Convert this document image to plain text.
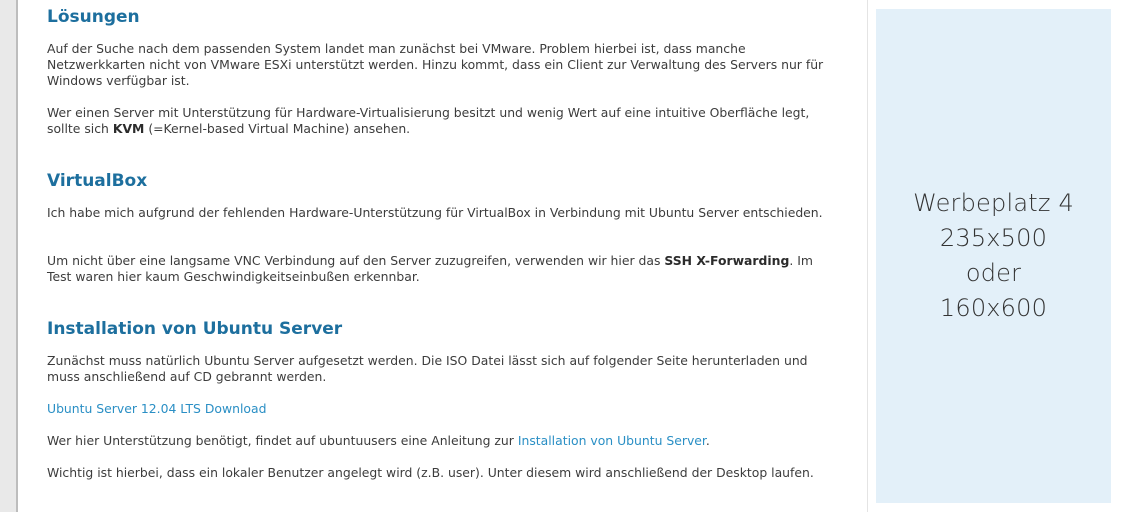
Lösungen

Auf der Suche nach dem passenden System landet man zunächst bei VMware. Problem hierbei ist, dass manche Netzwerkkarten nicht von VMware ESXi unterstützt werden. Hinzu kommt, dass ein Client zur Verwaltung des Servers nur für Windows verfügbar ist.

Wer einen Server mit Unterstützung für Hardware-Virtualisierung besitzt und wenig Wert auf eine intuitive Oberfläche legt, sollte sich KVM (=Kernel-based Virtual Machine) ansehen.

VirtualBox

Ich habe mich aufgrund der fehlenden Hardware-Unterstützung für VirtualBox in Verbindung mit Ubuntu Server entschieden.

Um nicht über eine langsame VNC Verbindung auf den Server zuzugreifen, verwenden wir hier das SSH X-Forwarding. Im Test waren hier kaum Geschwindigkeitseinbußen erkennbar.

Installation von Ubuntu Server

Zunächst muss natürlich Ubuntu Server aufgesetzt werden. Die ISO Datei lässt sich auf folgender Seite herunterladen und muss anschließend auf CD gebrannt werden.

Ubuntu Server 12.04 LTS Download

Wer hier Unterstützung benötigt, findet auf ubuntuusers eine Anleitung zur Installation von Ubuntu Server.

Wichtig ist hierbei, dass ein lokaler Benutzer angelegt wird (z.B. user). Unter diesem wird anschließend der Desktop laufen.

Werbeplatz 4
235x500
oder
160x600
